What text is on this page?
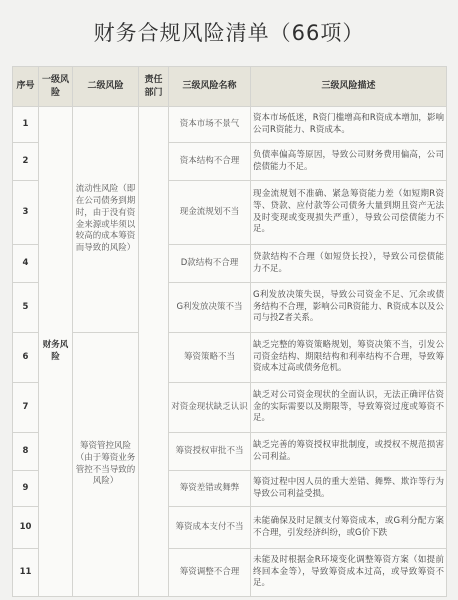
财务合规风险清单（66项）
序号	一级风险	二级风险	责任部门	三级风险名称	三级风险描述
1	财务风险	流动性风险（即在公司债务到期时，由于没有资金来源或毕须以较高的成本筹资而导致的风险）		资本市场不景气	资本市场低迷，R资门槛增高和R资成本增加，影响公司R资能力、R资成本。
2				资本结构不合理	负债率偏高等原因，导致公司财务费用偏高，公司偿债能力不足。
3				现金流规划不当	现金流规划不准确、紧急筹资能力差（如短期R资等、贷款、应付款等公司债务大量到期且资产无法及时变现或变现损失严重），导致公司偿债能力不足。
4				D款结构不合理	贷款结构不合理（如短贷长投），导致公司偿债能力不足。
5				G利发放决策不当	G利发放决策失误，导致公司资金不足、冗余或债务结构不合理，影响公司R资能力、R资成本以及公司与投Z者关系。
6		筹资管控风险（由于筹资业务管控不当导致的风险）		筹资策略不当	缺乏完整的筹资策略规划，筹资决策不当，引发公司资金结构、期限结构和利率结构不合理，导致筹资成本过高或债务危机。
7				对资金现状缺乏认识	缺乏对公司资金现状的全面认识，无法正确评估资金的实际需要以及期限等，导致筹资过度或筹资不足。
8				筹资授权审批不当	缺乏完善的筹资授权审批制度，或授权不规范损害公司利益。
9				筹资差错或舞弊	筹资过程中因人员的重大差错、舞弊、欺诈等行为导致公司利益受损。
10				筹资成本支付不当	未能确保及时足额支付筹资成本，或G利分配方案不合理，引发经济纠纷，或G价下跌
11				筹资调整不合理	未能及时根据金R环境变化调整筹资方案（如提前终回本金等），导致筹资成本过高，或导致筹资不足。
